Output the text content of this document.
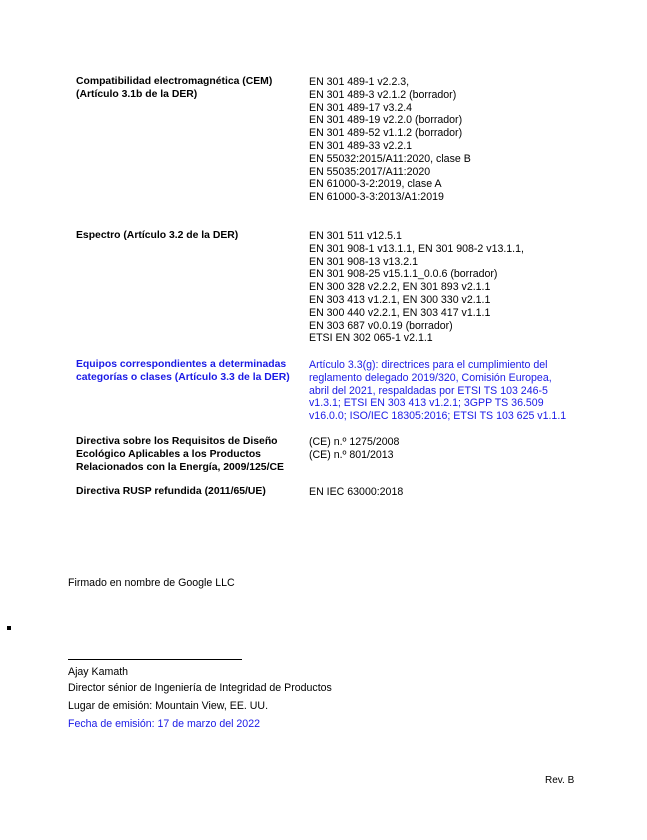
Compatibilidad electromagnética (CEM)
(Artículo 3.1b de la DER)
EN 301 489-1 v2.2.3,
EN 301 489-3 v2.1.2 (borrador)
EN 301 489-17 v3.2.4
EN 301 489-19 v2.2.0 (borrador)
EN 301 489-52 v1.1.2 (borrador)
EN 301 489-33 v2.2.1
EN 55032:2015/A11:2020, clase B
EN 55035:2017/A11:2020
EN 61000-3-2:2019, clase A
EN 61000-3-3:2013/A1:2019
Espectro (Artículo 3.2 de la DER)	EN 301 511 v12.5.1
EN 301 908-1 v13.1.1, EN 301 908-2 v13.1.1,
EN 301 908-13 v13.2.1
EN 301 908-25 v15.1.1_0.0.6 (borrador)
EN 300 328 v2.2.2, EN 301 893 v2.1.1
EN 303 413 v1.2.1, EN 300 330 v2.1.1
EN 300 440 v2.2.1, EN 303 417 v1.1.1
EN 303 687 v0.0.19 (borrador)
ETSI EN 302 065-1 v2.1.1
Equipos correspondientes a determinadas
categorías o clases (Artículo 3.3 de la DER)
Artículo 3.3(g): directrices para el cumplimiento del
reglamento delegado 2019/320, Comisión Europea,
abril del 2021, respaldadas por ETSI TS 103 246-5
v1.3.1; ETSI EN 303 413 v1.2.1; 3GPP TS 36.509
v16.0.0; ISO/IEC 18305:2016; ETSI TS 103 625 v1.1.1
Directiva sobre los Requisitos de Diseño
Ecológico Aplicables a los Productos
Relacionados con la Energía, 2009/125/CE
(CE) n.º 1275/2008
(CE) n.º 801/2013
Directiva RUSP refundida (2011/65/UE)	EN IEC 63000:2018
Firmado en nombre de Google LLC
Ajay Kamath
Director sénior de Ingeniería de Integridad de Productos
Lugar de emisión: Mountain View, EE. UU.
Fecha de emisión: 17 de marzo del 2022
Rev. B
